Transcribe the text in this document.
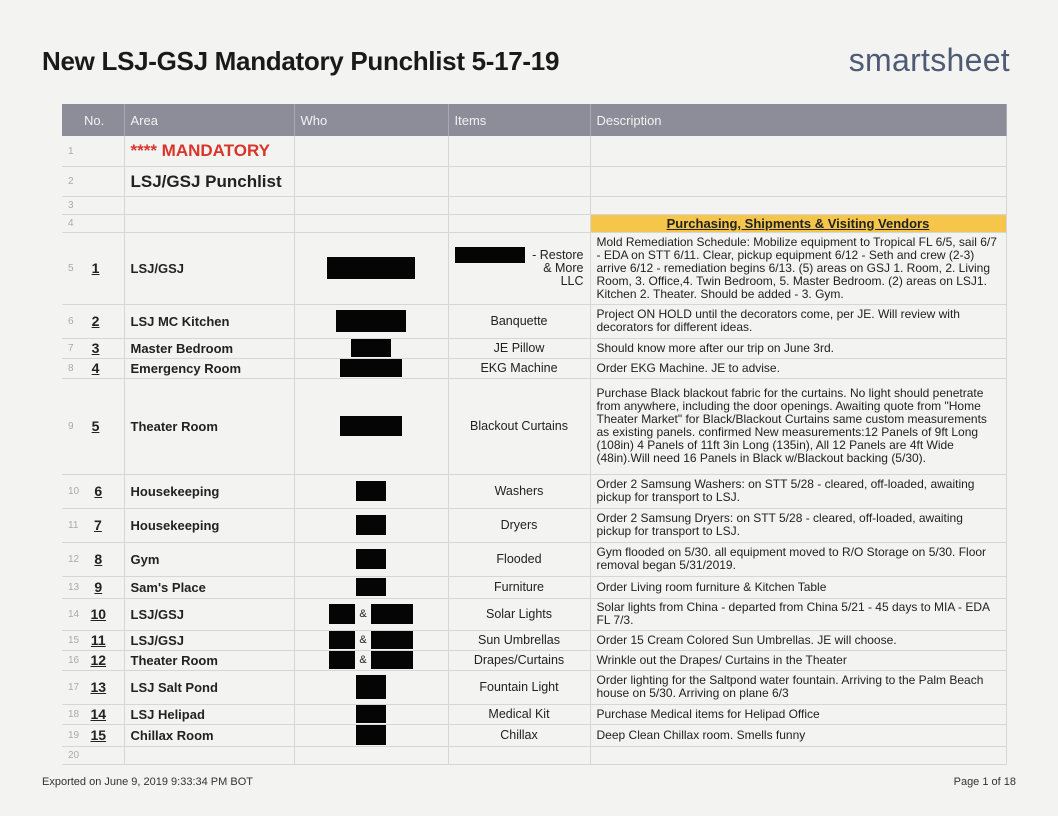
New LSJ-GSJ Mandatory Punchlist 5-17-19	smartsheet
No.	Area	Who	Items	Description
1	**** MANDATORY			
2	LSJ/GSJ Punchlist			
3				
4				Purchasing, Shipments & Visiting Vendors

5 1	LSJ/GSJ		- Restore & More LLC	Mold Remediation Schedule: Mobilize equipment to Tropical FL 6/5, sail 6/7 - EDA on STT 6/11. Clear, pickup equipment 6/12 - Seth and crew (2-3) arrive 6/12 - remediation begins 6/13. (5) areas on GSJ 1. Room, 2. Living Room, 3. Office,4. Twin Bedroom, 5. Master Bedroom. (2) areas on LSJ1. Kitchen 2. Theater. Should be added - 3. Gym.

6 2	LSJ MC Kitchen		Banquette	Project ON HOLD until the decorators come, per JE. Will review with decorators for different ideas.

7 3	Master Bedroom		JE Pillow	Should know more after our trip on June 3rd.

8 4	Emergency Room		EKG Machine	Order EKG Machine. JE to advise.

9 5	Theater Room		Blackout Curtains	Purchase Black blackout fabric for the curtains. No light should penetrate from anywhere, including the door openings. Awaiting quote from "Home Theater Market" for Black/Blackout Curtains same custom measurements as existing panels. confirmed New measurements:12 Panels of 9ft Long (108in) 4 Panels of 11ft 3in Long (135in), All 12 Panels are 4ft Wide (48in).Will need 16 Panels in Black w/Blackout backing (5/30).

10 6	Housekeeping		Washers	Order 2 Samsung Washers: on STT 5/28 - cleared, off-loaded, awaiting pickup for transport to LSJ.

11 7	Housekeeping		Dryers	Order 2 Samsung Dryers: on STT 5/28 - cleared, off-loaded, awaiting pickup for transport to LSJ.

12 8	Gym		Flooded	Gym flooded on 5/30. all equipment moved to R/O Storage on 5/30. Floor removal began 5/31/2019.

13 9	Sam's Place		Furniture	Order Living room furniture & Kitchen Table

14 10	LSJ/GSJ	&	Solar Lights	Solar lights from China - departed from China 5/21 - 45 days to MIA - EDA FL 7/3.

15 11	LSJ/GSJ	&	Sun Umbrellas	Order 15 Cream Colored Sun Umbrellas. JE will choose.

16 12	Theater Room	&	Drapes/Curtains	Wrinkle out the Drapes/ Curtains in the Theater

17 13	LSJ Salt Pond		Fountain Light	Order lighting for the Saltpond water fountain. Arriving to the Palm Beach house on 5/30. Arriving on plane 6/3

18 14	LSJ Helipad		Medical Kit	Purchase Medical items for Helipad Office

19 15	Chillax Room		Chillax	Deep Clean Chillax room. Smells funny
20				
Exported on June 9, 2019 9:33:34 PM BOT	Page 1 of 18
